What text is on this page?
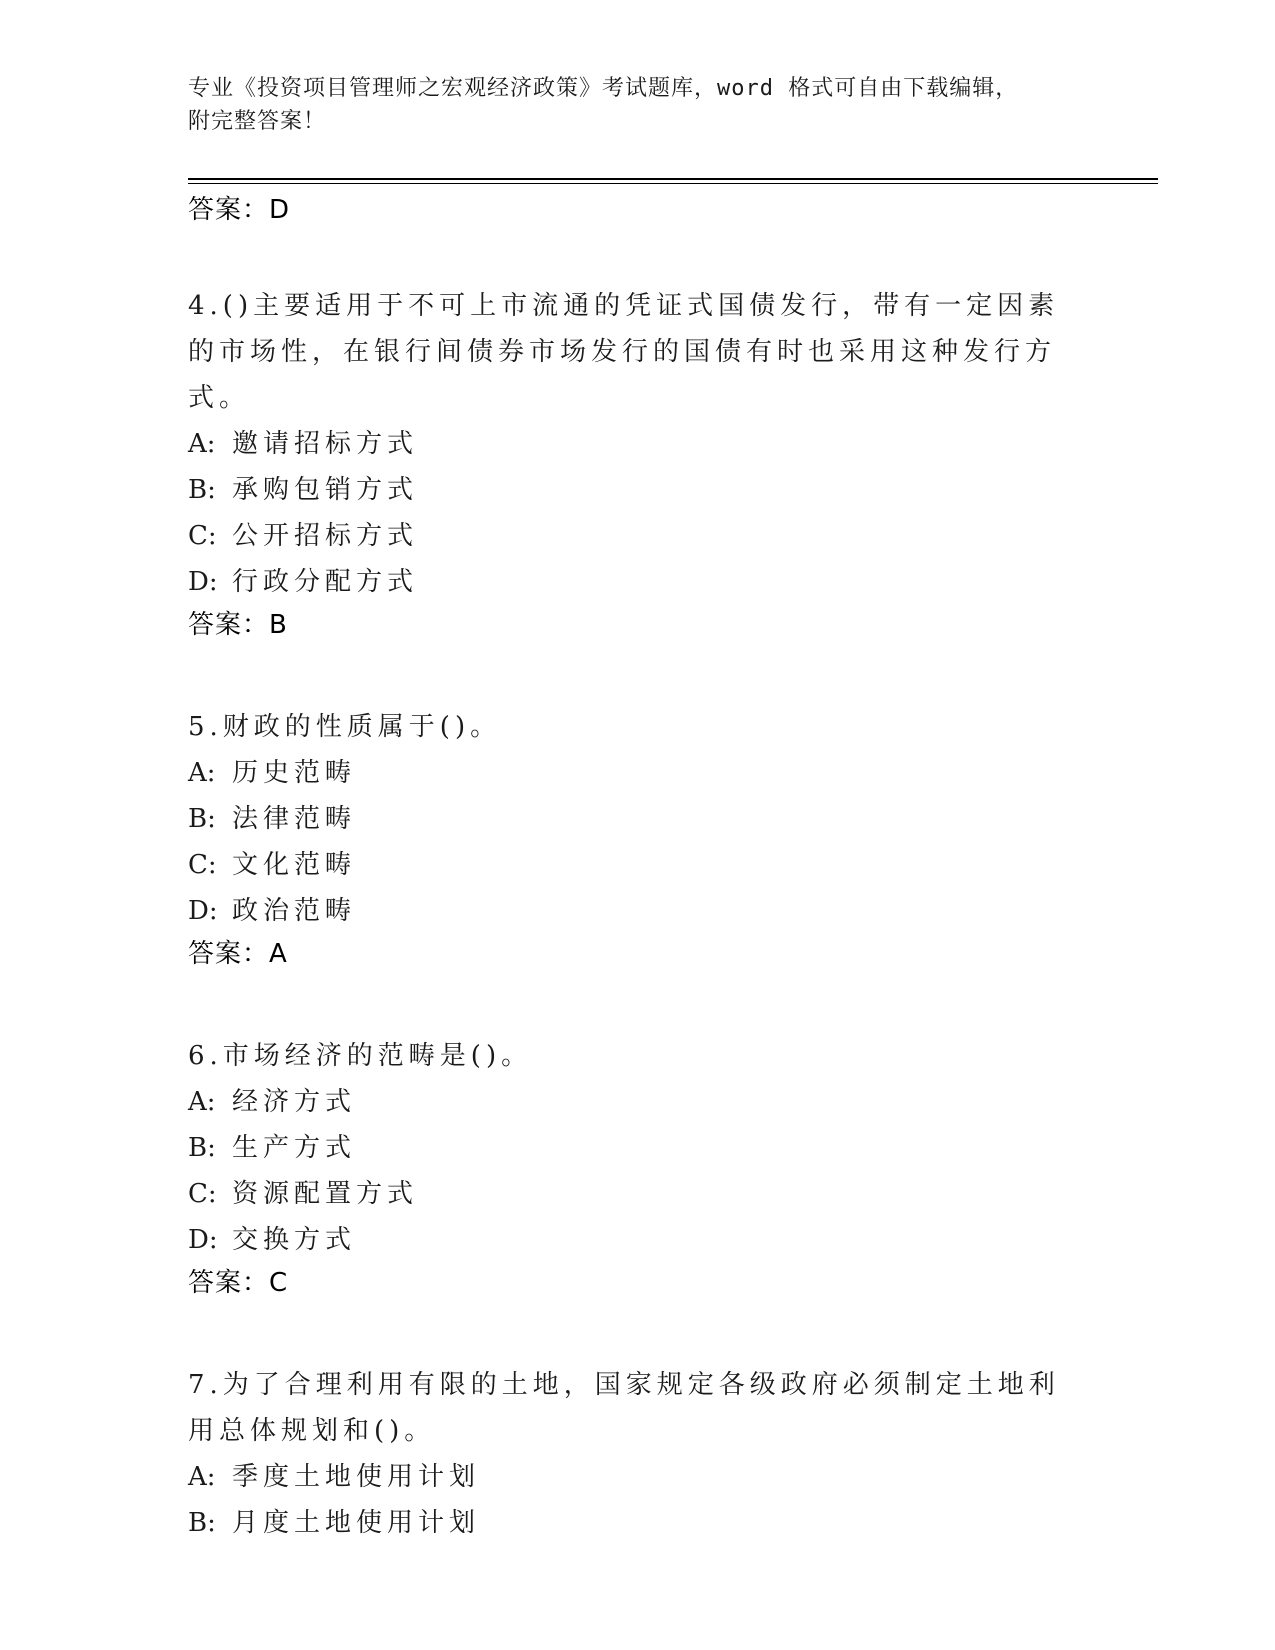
专业《投资项目管理师之宏观经济政策》考试题库，word 格式可自由下载编辑，
附完整答案！
答案：D

4.()主要适用于不可上市流通的凭证式国债发行，带有一定因素的市场性，在银行间债券市场发行的国债有时也采用这种发行方式。

A: 邀请招标方式
B: 承购包销方式
C: 公开招标方式
D: 行政分配方式
答案：B

5.财政的性质属于()。

A: 历史范畴
B: 法律范畴
C: 文化范畴
D: 政治范畴
答案：A

6.市场经济的范畴是()。

A: 经济方式
B: 生产方式
C: 资源配置方式
D: 交换方式
答案：C

7.为了合理利用有限的土地，国家规定各级政府必须制定土地利用总体规划和()。

A: 季度土地使用计划
B: 月度土地使用计划
